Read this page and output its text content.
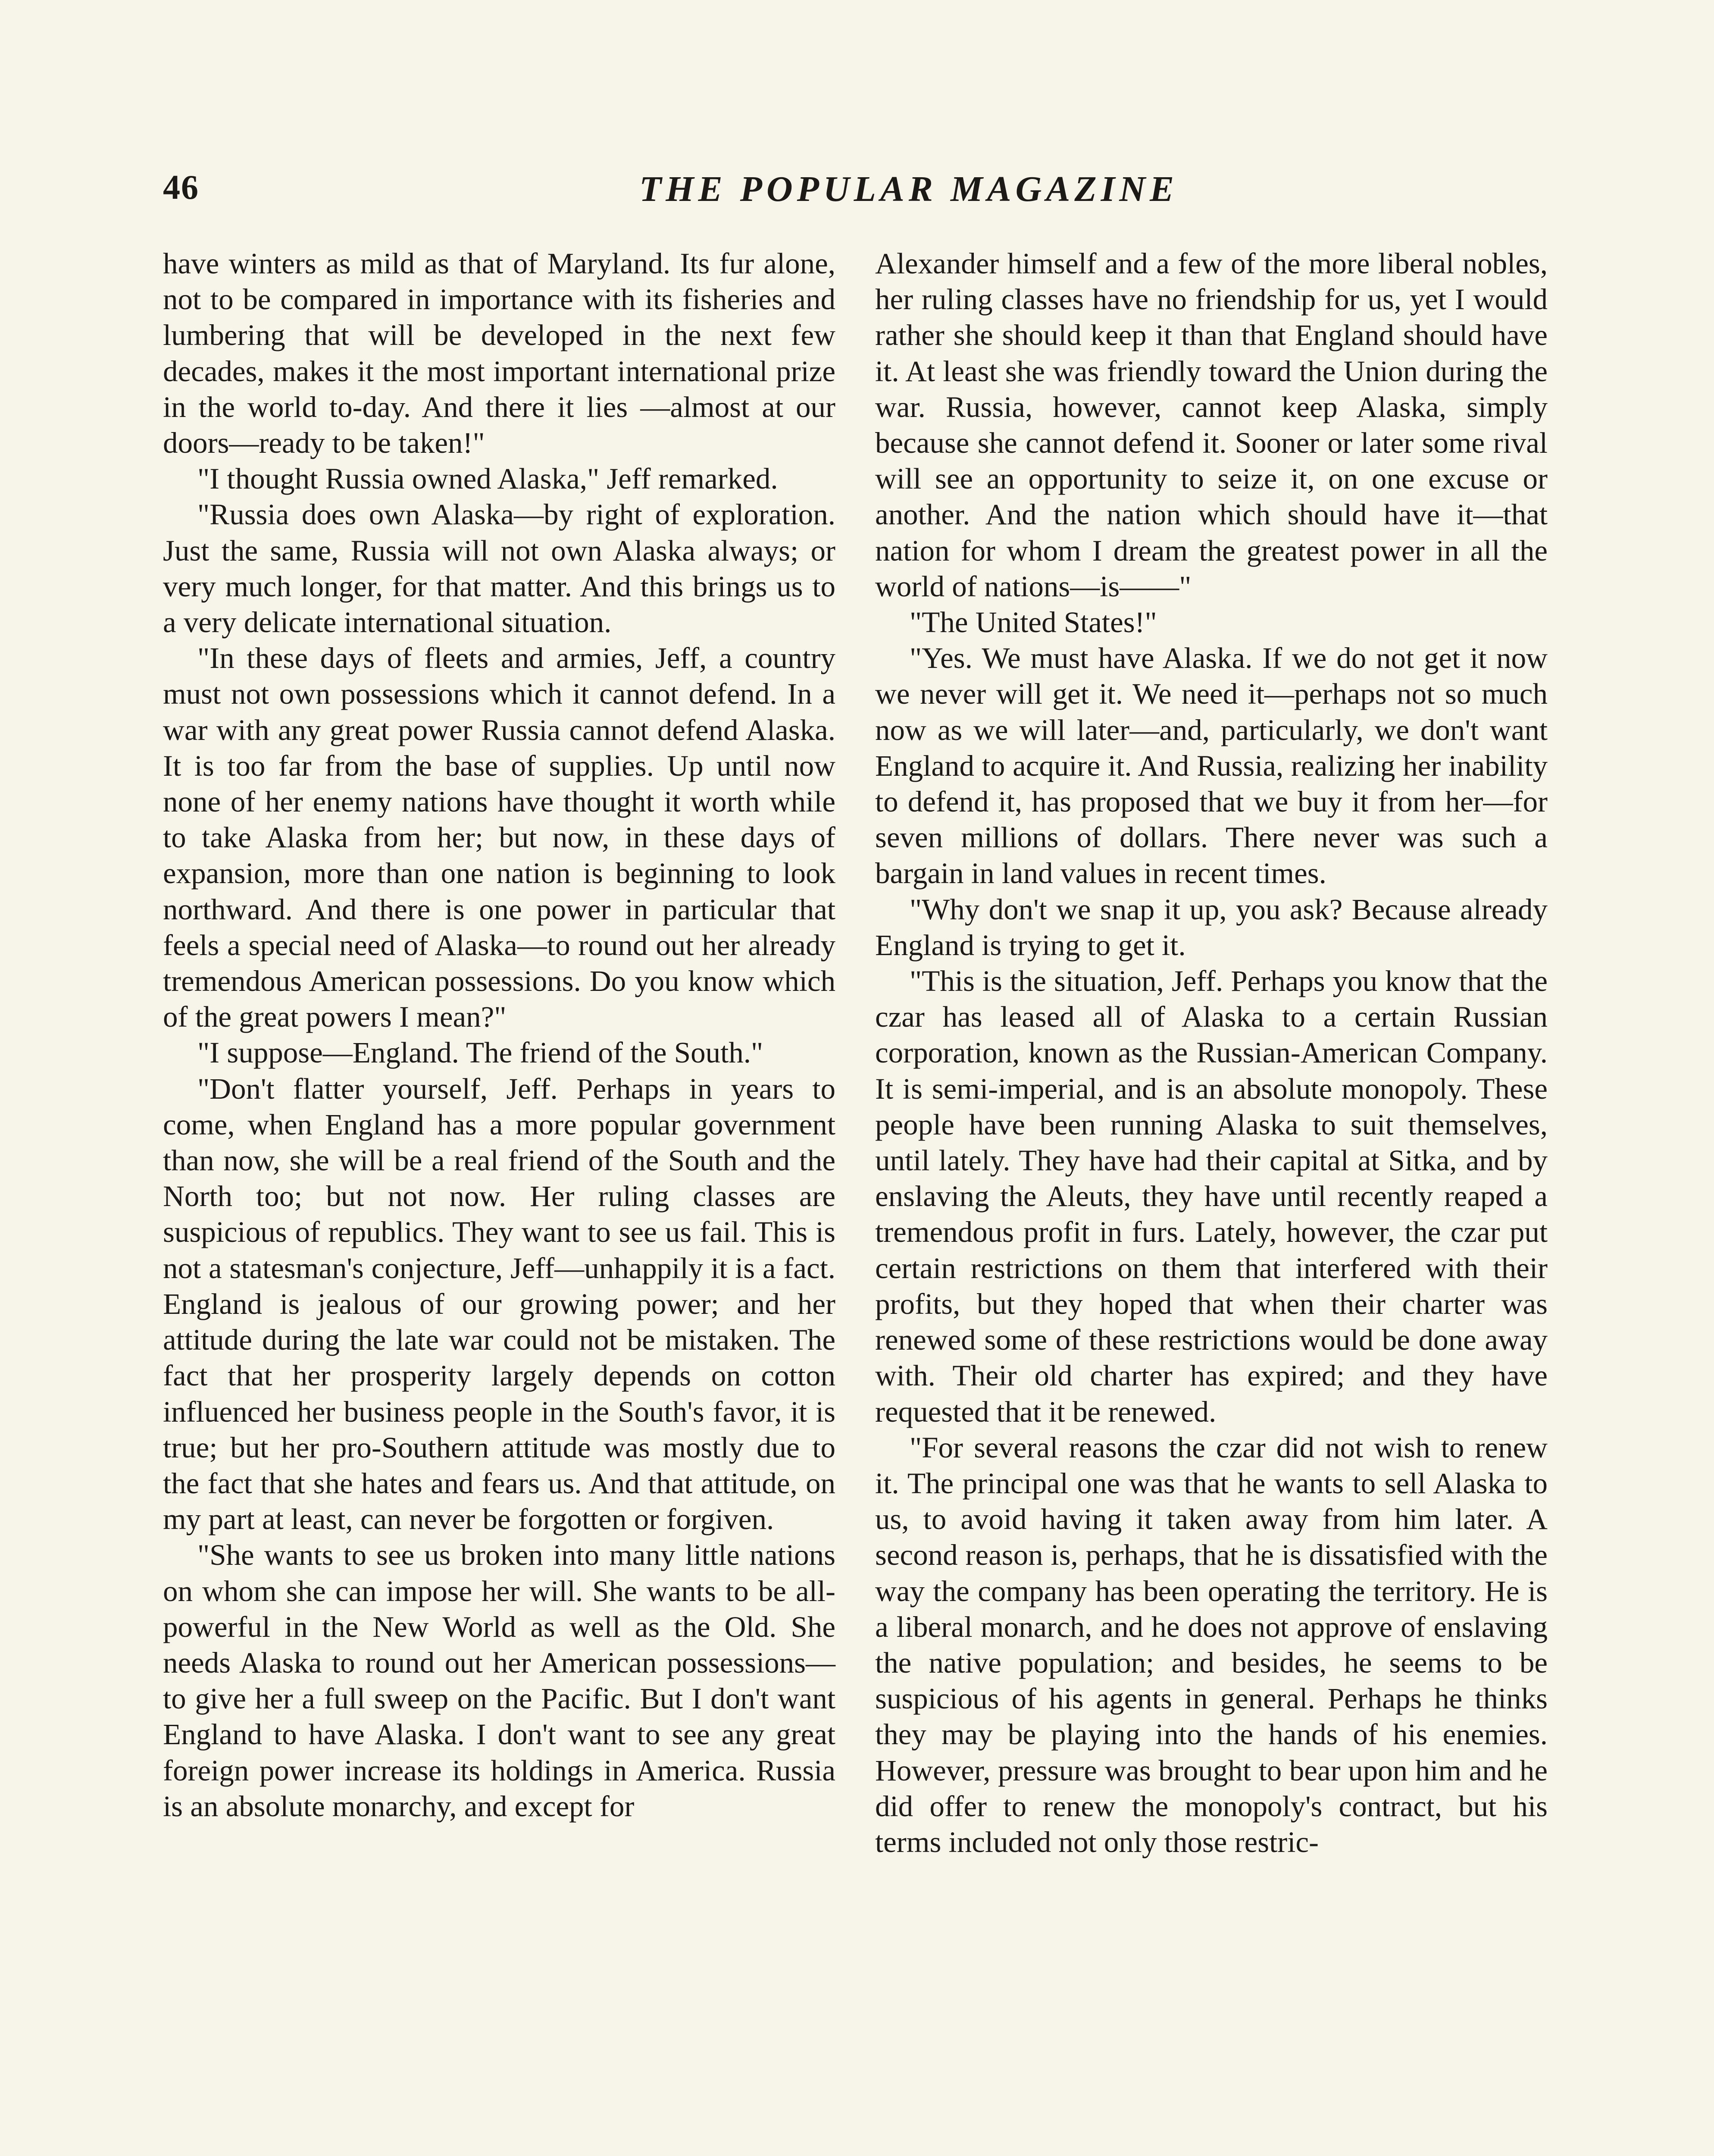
46	THE POPULAR MAGAZINE

have winters as mild as that of Maryland. Its fur alone, not to be compared in importance with its fisheries and lumbering that will be developed in the next few decades, makes it the most important international prize in the world to-day. And there it lies —almost at our doors—ready to be taken!"

"I thought Russia owned Alaska," Jeff remarked.

"Russia does own Alaska—by right of exploration. Just the same, Russia will not own Alaska always; or very much longer, for that matter. And this brings us to a very delicate international situation.

"In these days of fleets and armies, Jeff, a country must not own possessions which it cannot defend. In a war with any great power Russia cannot defend Alaska. It is too far from the base of supplies. Up until now none of her enemy nations have thought it worth while to take Alaska from her; but now, in these days of expansion, more than one nation is beginning to look northward. And there is one power in particular that feels a special need of Alaska—to round out her already tremendous American possessions. Do you know which of the great powers I mean?"

"I suppose—England. The friend of the South."

"Don't flatter yourself, Jeff. Perhaps in years to come, when England has a more popular government than now, she will be a real friend of the South and the North too; but not now. Her ruling classes are suspicious of republics. They want to see us fail. This is not a statesman's conjecture, Jeff—unhappily it is a fact. England is jealous of our growing power; and her attitude during the late war could not be mistaken. The fact that her prosperity largely depends on cotton influenced her business people in the South's favor, it is true; but her pro-Southern attitude was mostly due to the fact that she hates and fears us. And that attitude, on my part at least, can never be forgotten or forgiven.

"She wants to see us broken into many little nations on whom she can impose her will. She wants to be all-powerful in the New World as well as the Old. She needs Alaska to round out her American possessions—to give her a full sweep on the Pacific. But I don't want England to have Alaska. I don't want to see any great foreign power increase its holdings in America. Russia is an absolute monarchy, and except for

Alexander himself and a few of the more liberal nobles, her ruling classes have no friendship for us, yet I would rather she should keep it than that England should have it. At least she was friendly toward the Union during the war. Russia, however, cannot keep Alaska, simply because she cannot defend it. Sooner or later some rival will see an opportunity to seize it, on one excuse or another. And the nation which should have it—that nation for whom I dream the greatest power in all the world of nations—is——"

"The United States!"

"Yes. We must have Alaska. If we do not get it now we never will get it. We need it—perhaps not so much now as we will later—and, particularly, we don't want England to acquire it. And Russia, realizing her inability to defend it, has proposed that we buy it from her—for seven millions of dollars. There never was such a bargain in land values in recent times.

"Why don't we snap it up, you ask? Because already England is trying to get it.

"This is the situation, Jeff. Perhaps you know that the czar has leased all of Alaska to a certain Russian corporation, known as the Russian-American Company. It is semi-imperial, and is an absolute monopoly. These people have been running Alaska to suit themselves, until lately. They have had their capital at Sitka, and by enslaving the Aleuts, they have until recently reaped a tremendous profit in furs. Lately, however, the czar put certain restrictions on them that interfered with their profits, but they hoped that when their charter was renewed some of these restrictions would be done away with. Their old charter has expired; and they have requested that it be renewed.

"For several reasons the czar did not wish to renew it. The principal one was that he wants to sell Alaska to us, to avoid having it taken away from him later. A second reason is, perhaps, that he is dissatisfied with the way the company has been operating the territory. He is a liberal monarch, and he does not approve of enslaving the native population; and besides, he seems to be suspicious of his agents in general. Perhaps he thinks they may be playing into the hands of his enemies. However, pressure was brought to bear upon him and he did offer to renew the monopoly's contract, but his terms included not only those restric-
